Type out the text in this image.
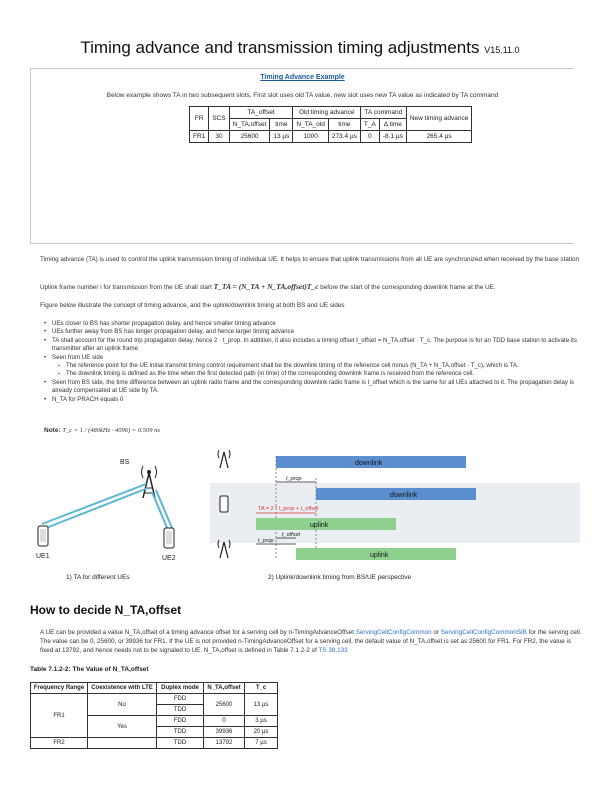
Timing advance and transmission timing adjustments V15.11.0
Timing Advance Example
Below example shows TA in two subsequent slots, First slot uses old TA value, new slot uses new TA value as indicated by TA command
FR	SCS	TA_offset		Old timing advance		TA command		New timing advance
		N_TA,offset	time	N_TA_old	time	T_A	Δ time	
FR1	30	25600	13 µs	1000	273.4 µs	0	-8.1 µs	265.4 µs
Timing advance (TA) is used to control the uplink transmission timing of individual UE. It helps to ensure that uplink transmissions from all UE are synchronized when received by the base station
Uplink frame number i for transmission from the UE shall start T_TA = (N_TA + N_TA,offset)T_c before the start of the corresponding downlink frame at the UE.
Figure below illustrate the concept of timing advance, and the uplink/downlink timing at both BS and UE sides
• UEs closer to BS has shorter propagation delay, and hence smaller timing advance
• UEs further away from BS has longer propagation delay, and hence larger timing advance
• TA shall account for the round trip propagation delay, hence 2 · t_prop. In addition, it also includes a timing offset t_offset = N_TA,offset · T_c. The purpose is for an TDD base station to activate its transmitter after an uplink frame
• Seen from UE side
▪ The reference point for the UE initial transmit timing control requirement shall be the downlink timing of the reference cell minus (N_TA + N_TA,offset · T_c), which is TA.
▪ The downlink timing is defined as the time when the first detected path (in time) of the corresponding downlink frame is received from the reference cell.
• Seen from BS side, the time difference between an uplink radio frame and the corresponding downlink radio frame is t_offset which is the same for all UEs attached to it. The propagation delay is already compensated at UE side by TA.
• N_TA for PRACH equals 0
Note: T_c = 1 / (480kHz · 4096) = 0.509 ns
BS
UE1	UE2
1) TA for different UEs
downlink
downlink
uplink
uplink
t_prop
TA = 2 * t_prop + t_offset
t_prop
t_offset
2) Uplink/downlink timing from BS/UE perspective
How to decide N_TA,offset
A UE can be provided a value N_TA,offset of a timing advance offset for a serving cell by n-TimingAdvanceOffset ServingCellConfigCommon or ServingCellConfigCommonSIB for the serving cell. The value can be 0, 25600, or 39936 for FR1. If the UE is not provided n-TimingAdvanceOffset for a serving cell, the default value of N_TA,offset is set as 25600 for FR1. For FR2, the value is fixed at 13792, and hence needs not to be signaled to UE. N_TA,offset is defined in Table 7.1.2-2 of TS 38.133
Table 7.1.2-2: The Value of N_TA,offset
Frequency Range	Coexistence with LTE	Duplex mode	N_TA,offset	T_c
FR1	No	FDD	25600	13 µs
		TDD		
	Yes	FDD	0	3 µs
		TDD	39936	20 µs
FR2		TDD	13792	7 µs
